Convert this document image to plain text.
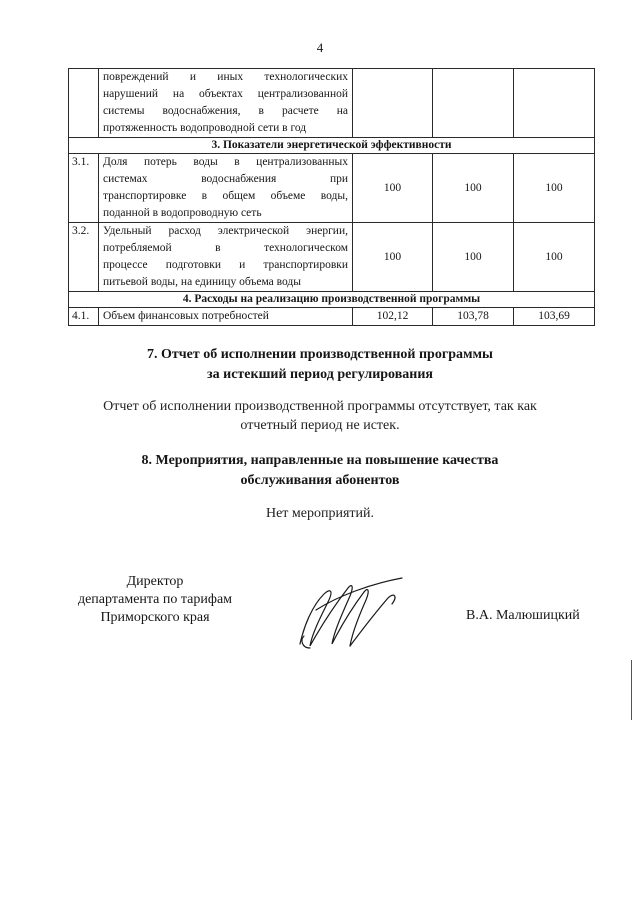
4

	повреждений и иных технологических
нарушений на объектах централизованной
системы водоснабжения, в расчете на
протяженность водопроводной сети в год			

3. Показатели энергетической эффективности				
3.1.	Доля потерь воды в централизованных
системах водоснабжения при
транспортировке в общем объеме воды,
поданной в водопроводную сеть	100	100	100
3.2.	Удельный расход электрической энергии,
потребляемой в технологическом
процессе подготовки и транспортировки
питьевой воды, на единицу объема воды	100	100	100
4. Расходы на реализацию производственной программы				
4.1.	Объем финансовых потребностей	102,12	103,78	103,69
7. Отчет об исполнении производственной программы
за истекший период регулирования
Отчет об исполнении производственной программы отсутствует, так как
отчетный период не истек.
8. Мероприятия, направленные на повышение качества
обслуживания абонентов
Нет мероприятий.
Директор
департамента по тарифам
Приморского края	В.А. Малюшицкий
